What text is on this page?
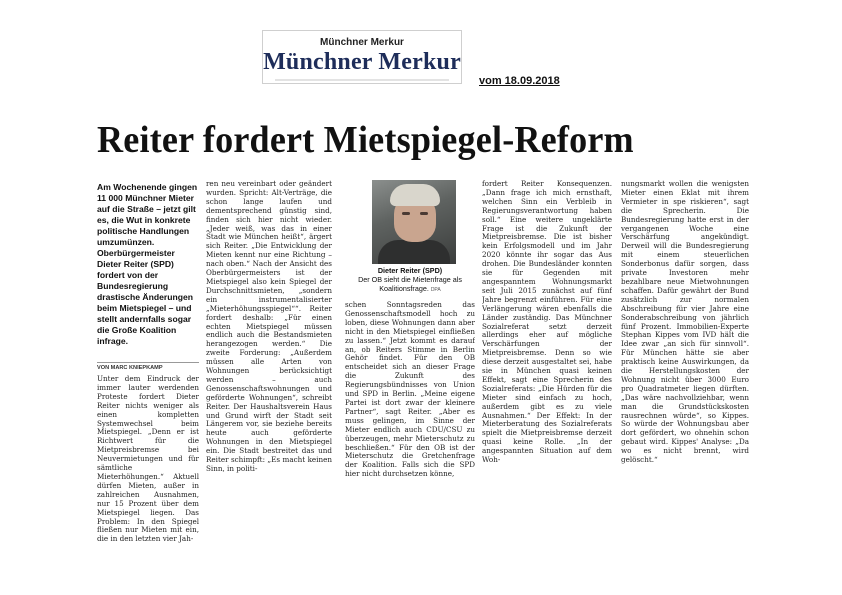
Münchner Merkur
Münchner Merkur
vom 18.09.2018
Reiter fordert Mietspiegel-Reform
Am Wochenende gingen 11 000 Münchner Mieter auf die Straße – jetzt gilt es, die Wut in konkrete politische Handlungen umzumünzen. Oberbürgermeister Dieter Reiter (SPD) fordert von der Bundesregierung drastische Änderungen beim Mietspiegel – und stellt andernfalls sogar die Große Koalition infrage.
VON MARC KNIEPKAMP
Unter dem Eindruck der immer lauter werdenden Proteste fordert Dieter Reiter nichts weniger als einen kompletten Systemwechsel beim Mietspiegel. „Denn er ist Richtwert für die Mietpreisbremse bei Neuvermietungen und für sämtliche Mieterhöhungen.“ Aktuell dürfen Mieten, außer in zahlreichen Ausnahmen, nur 15 Prozent über dem Mietspiegel liegen. Das Problem: In den Spiegel fließen nur Mieten mit ein, die in den letzten vier Jah-
ren neu vereinbart oder geändert wurden. Spricht: Alt-Verträge, die schon lange laufen und dementsprechend günstig sind, finden sich hier nicht wieder. „Jeder weiß, was das in einer Stadt wie München heißt“, ärgert sich Reiter. „Die Entwicklung der Mieten kennt nur eine Richtung – nach oben.“ Nach der Ansicht des Oberbürgermeisters ist der Mietspiegel also kein Spiegel der Durchschnittsmieten, „sondern ein instrumentalisierter „Mieterhöhungsspiegel““. Reiter fordert deshalb: „Für einen echten Mietspiegel müssen endlich auch die Bestandsmieten herangezogen werden.“ Die zweite Forderung: „Außerdem müssen alle Arten von Wohnungen berücksichtigt werden – auch Genossenschaftswohnungen und geförderte Wohnungen“, schreibt Reiter. Der Haushaltsverein Haus und Grund wirft der Stadt seit Längerem vor, sie beziehe bereits heute auch geförderte Wohnungen in den Mietspiegel ein. Die Stadt bestreitet das und Reiter schimpft: „Es macht keinen Sinn, in politi-
Dieter Reiter (SPD)
Der OB sieht die Mietenfrage als Koalitionsfrage. DPA
schen Sonntagsreden das Genossenschaftsmodell hoch zu loben, diese Wohnungen dann aber nicht in den Mietspiegel einfließen zu lassen.“ Jetzt kommt es darauf an, ob Reiters Stimme in Berlin Gehör findet. Für den OB entscheidet sich an dieser Frage die Zukunft des Regierungsbündnisses von Union und SPD in Berlin. „Meine eigene Partei ist dort zwar der kleinere Partner“, sagt Reiter. „Aber es muss gelingen, im Sinne der Mieter endlich auch CDU/CSU zu überzeugen, mehr Mieterschutz zu beschließen.“ Für den OB ist der Mieterschutz die Gretchenfrage der Koalition. Falls sich die SPD hier nicht durchsetzen könne,
fordert Reiter Konsequenzen. „Dann frage ich mich ernsthaft, welchen Sinn ein Verbleib in Regierungsverantwortung haben soll.“ Eine weitere ungeklärte Frage ist die Zukunft der Mietpreisbremse. Die ist bisher kein Erfolgsmodell und im Jahr 2020 könnte ihr sogar das Aus drohen. Die Bundesländer konnten sie für Gegenden mit angespanntem Wohnungsmarkt seit Juli 2015 zunächst auf fünf Jahre begrenzt einführen. Für eine Verlängerung wären ebenfalls die Länder zuständig. Das Münchner Sozialreferat setzt derzeit allerdings eher auf mögliche Verschärfungen der Mietpreisbremse. Denn so wie diese derzeit ausgestaltet sei, habe sie in München quasi keinen Effekt, sagt eine Sprecherin des Sozialreferats: „Die Hürden für die Mieter sind einfach zu hoch, außerdem gibt es zu viele Ausnahmen.“ Der Effekt: In der Mieterberatung des Sozialreferats spielt die Mietpreisbremse derzeit quasi keine Rolle. „In der angespannten Situation auf dem Woh-
nungsmarkt wollen die wenigsten Mieter einen Eklat mit ihrem Vermieter in spe riskieren“, sagt die Sprecherin. Die Bundesregierung hatte erst in der vergangenen Woche eine Verschärfung angekündigt. Derweil will die Bundesregierung mit einem steuerlichen Sonderbonus dafür sorgen, dass private Investoren mehr bezahlbare neue Mietwohnungen schaffen. Dafür gewährt der Bund zusätzlich zur normalen Abschreibung für vier Jahre eine Sonderabschreibung von jährlich fünf Prozent. Immobilien-Experte Stephan Kippes vom IVD hält die Idee zwar „an sich für sinnvoll“. Für München hätte sie aber praktisch keine Auswirkungen, da die Herstellungskosten der Wohnung nicht über 3000 Euro pro Quadratmeter liegen dürften. „Das wäre nachvollziehbar, wenn man die Grundstückskosten rausrechnen würde“, so Kippes. So würde der Wohnungsbau aber dort gefördert, wo ohnehin schon gebaut wird. Kippes' Analyse: „Da wo es nicht brennt, wird gelöscht.“
